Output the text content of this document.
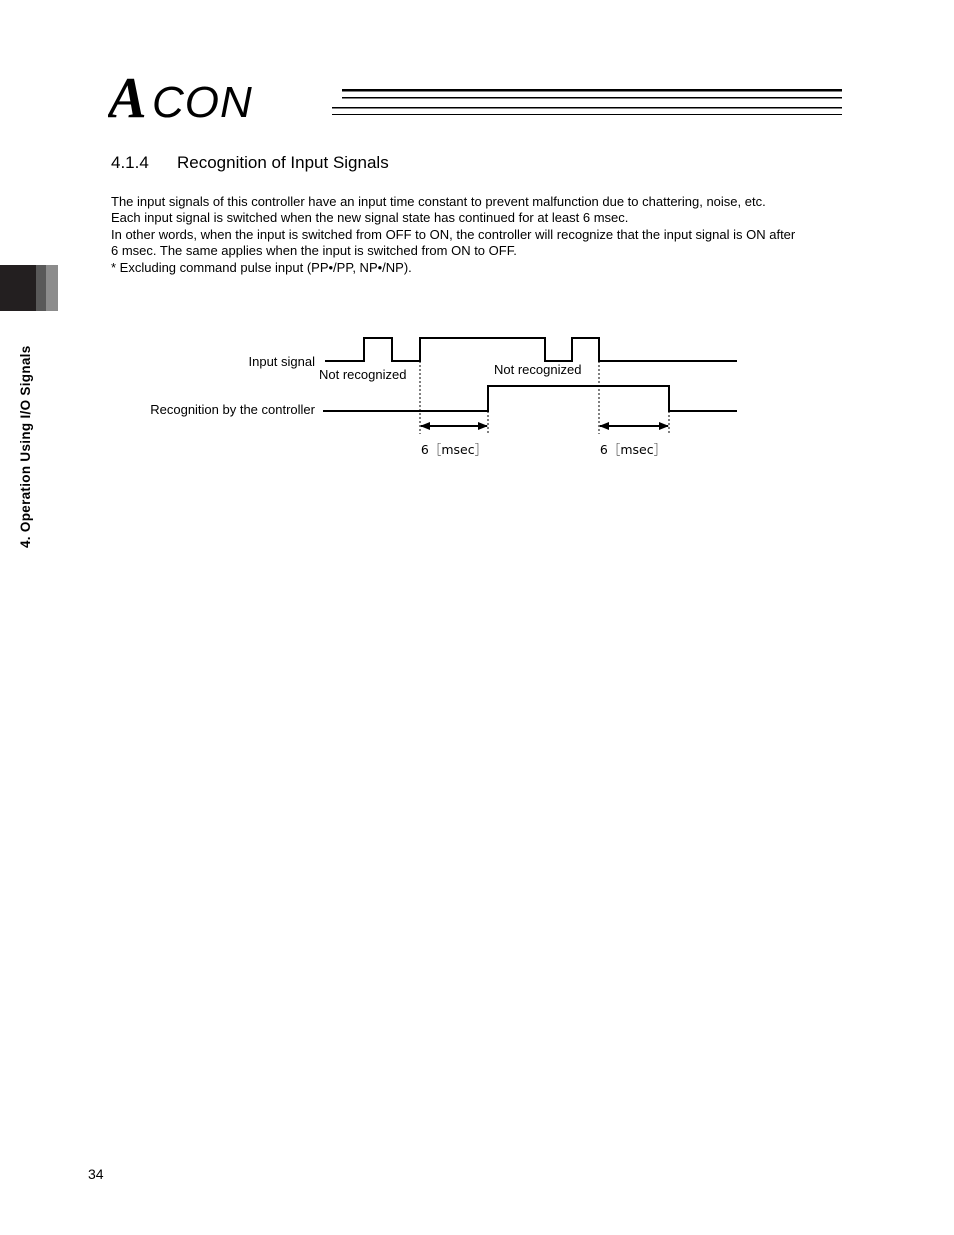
A CON
4. Operation Using I/O Signals
4.1.4 Recognition of Input Signals

The input signals of this controller have an input time constant to prevent malfunction due to chattering, noise, etc.

Each input signal is switched when the new signal state has continued for at least 6 msec.

In other words, when the input is switched from OFF to ON, the controller will recognize that the input signal is ON after

6 msec. The same applies when the input is switched from ON to OFF.

* Excluding command pulse input (PP•/PP, NP•/NP).

Input signal
Recognition by the controller
Not recognized	Not recognized
6［msec］	6［msec］
34
